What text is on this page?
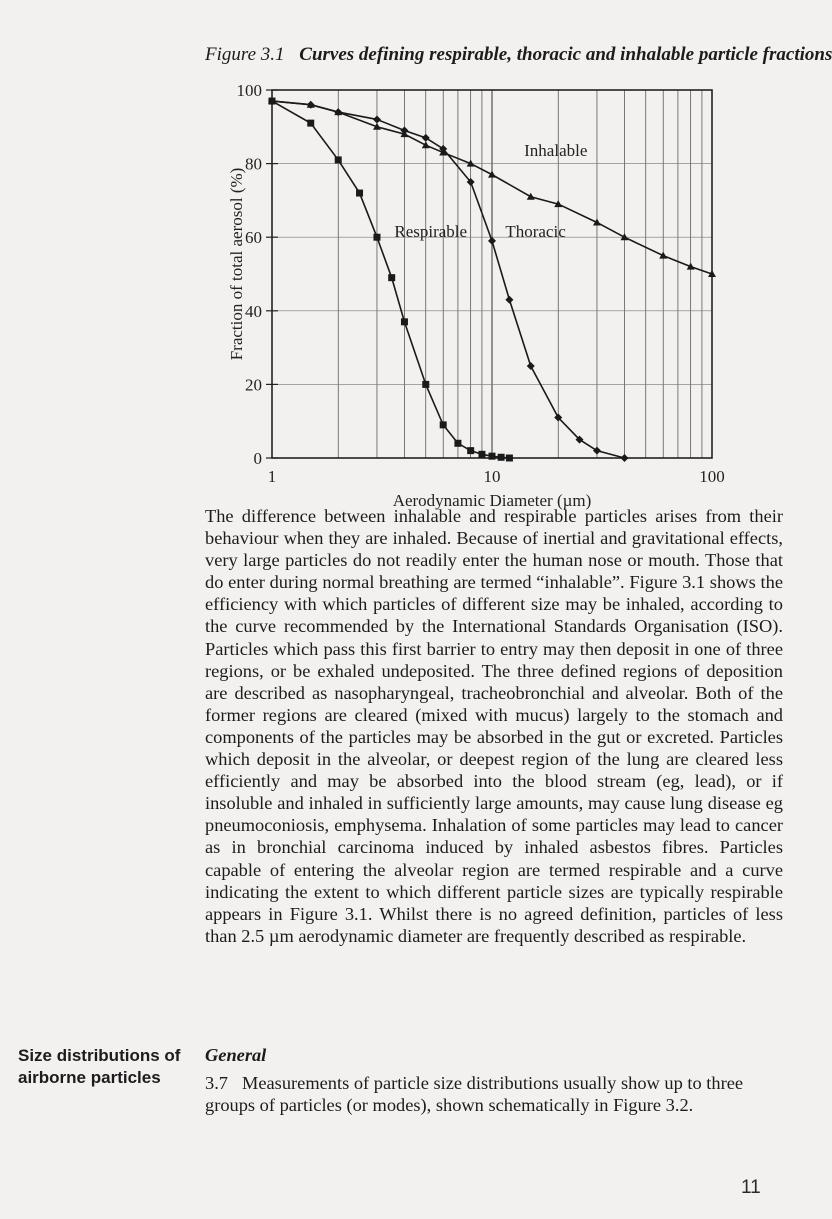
Figure 3.1 Curves defining respirable, thoracic and inhalable particle fractions
0
20
40
60
80
100
1	10	100
Aerodynamic Diameter (µm)
Fraction of total aerosol (%)
Inhalable
Thoracic
Respirable

The difference between inhalable and respirable particles arises from their behaviour when they are inhaled. Because of inertial and gravitational effects, very large particles do not readily enter the human nose or mouth. Those that do enter during normal breathing are termed “inhalable”. Figure 3.1 shows the efficiency with which particles of different size may be inhaled, according to the curve recommended by the International Standards Organisation (ISO). Particles which pass this first barrier to entry may then deposit in one of three regions, or be exhaled undeposited. The three defined regions of deposition are described as nasopharyngeal, tracheobronchial and alveolar. Both of the former regions are cleared (mixed with mucus) largely to the stomach and components of the particles may be absorbed in the gut or excreted. Particles which deposit in the alveolar, or deepest region of the lung are cleared less efficiently and may be absorbed into the blood stream (eg, lead), or if insoluble and inhaled in sufficiently large amounts, may cause lung disease eg pneumoconiosis, emphysema. Inhalation of some particles may lead to cancer as in bronchial carcinoma induced by inhaled asbestos fibres. Particles capable of entering the alveolar region are termed respirable and a curve indicating the extent to which different particle sizes are typically respirable appears in Figure 3.1. Whilst there is no agreed definition, particles of less than 2.5 µm aerodynamic diameter are frequently described as respirable.

Size distributions of airborne particles
General

3.7 Measurements of particle size distributions usually show up to three groups of particles (or modes), shown schematically in Figure 3.2.

11
